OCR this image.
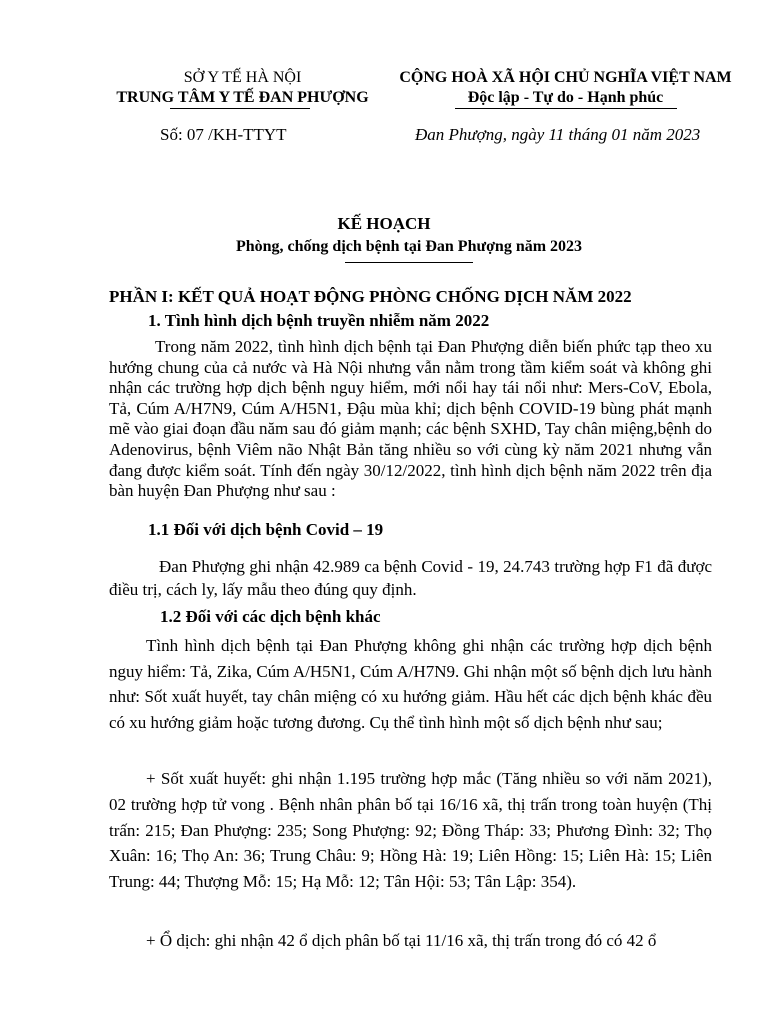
SỞ Y TẾ HÀ NỘI
TRUNG TÂM Y TẾ ĐAN PHƯỢNG
Số: 07 /KH-TTYT
CỘNG HOÀ XÃ HỘI CHỦ NGHĨA VIỆT NAM
Độc lập - Tự do - Hạnh phúc
Đan Phượng, ngày 11 tháng 01 năm 2023
KẾ HOẠCH
Phòng, chống dịch bệnh tại Đan Phượng năm 2023
PHẦN I: KẾT QUẢ HOẠT ĐỘNG PHÒNG CHỐNG DỊCH NĂM 2022
1. Tình hình dịch bệnh truyền nhiễm năm 2022
Trong năm 2022, tình hình dịch bệnh tại Đan Phượng diễn biến phức tạp theo xu hướng chung của cả nước và Hà Nội nhưng vẫn nằm trong tầm kiểm soát và không ghi nhận các trường hợp dịch bệnh nguy hiểm, mới nổi hay tái nổi như: Mers-CoV, Ebola, Tả, Cúm A/H7N9, Cúm A/H5N1, Đậu mùa khỉ; dịch bệnh COVID-19 bùng phát mạnh mẽ vào giai đoạn đầu năm sau đó giảm mạnh; các bệnh SXHD, Tay chân miệng,bệnh do Adenovirus, bệnh Viêm não Nhật Bản tăng nhiều so với cùng kỳ năm 2021 nhưng vẫn đang được kiểm soát. Tính đến ngày 30/12/2022, tình hình dịch bệnh năm 2022 trên địa bàn huyện Đan Phượng như sau :
1.1 Đối với dịch bệnh Covid – 19
Đan Phượng ghi nhận 42.989 ca bệnh Covid - 19, 24.743 trường hợp F1 đã được điều trị, cách ly, lấy mẫu theo đúng quy định.
1.2 Đối với các dịch bệnh khác
Tình hình dịch bệnh tại Đan Phượng không ghi nhận các trường hợp dịch bệnh nguy hiểm: Tả, Zika, Cúm A/H5N1, Cúm A/H7N9. Ghi nhận một số bệnh dịch lưu hành như: Sốt xuất huyết, tay chân miệng có xu hướng giảm. Hầu hết các dịch bệnh khác đều có xu hướng giảm hoặc tương đương. Cụ thể tình hình một số dịch bệnh như sau;
+ Sốt xuất huyết: ghi nhận 1.195 trường hợp mắc (Tăng nhiều so với năm 2021), 02 trường hợp tử vong . Bệnh nhân phân bố tại 16/16 xã, thị trấn trong toàn huyện (Thị trấn: 215; Đan Phượng: 235; Song Phượng: 92; Đồng Tháp: 33; Phương Đình: 32; Thọ Xuân: 16; Thọ An: 36; Trung Châu: 9; Hồng Hà: 19; Liên Hồng: 15; Liên Hà: 15; Liên Trung: 44; Thượng Mỗ: 15; Hạ Mỗ: 12; Tân Hội: 53; Tân Lập: 354).
+ Ổ dịch: ghi nhận 42 ổ dịch phân bố tại 11/16 xã, thị trấn trong đó có 42 ổ
